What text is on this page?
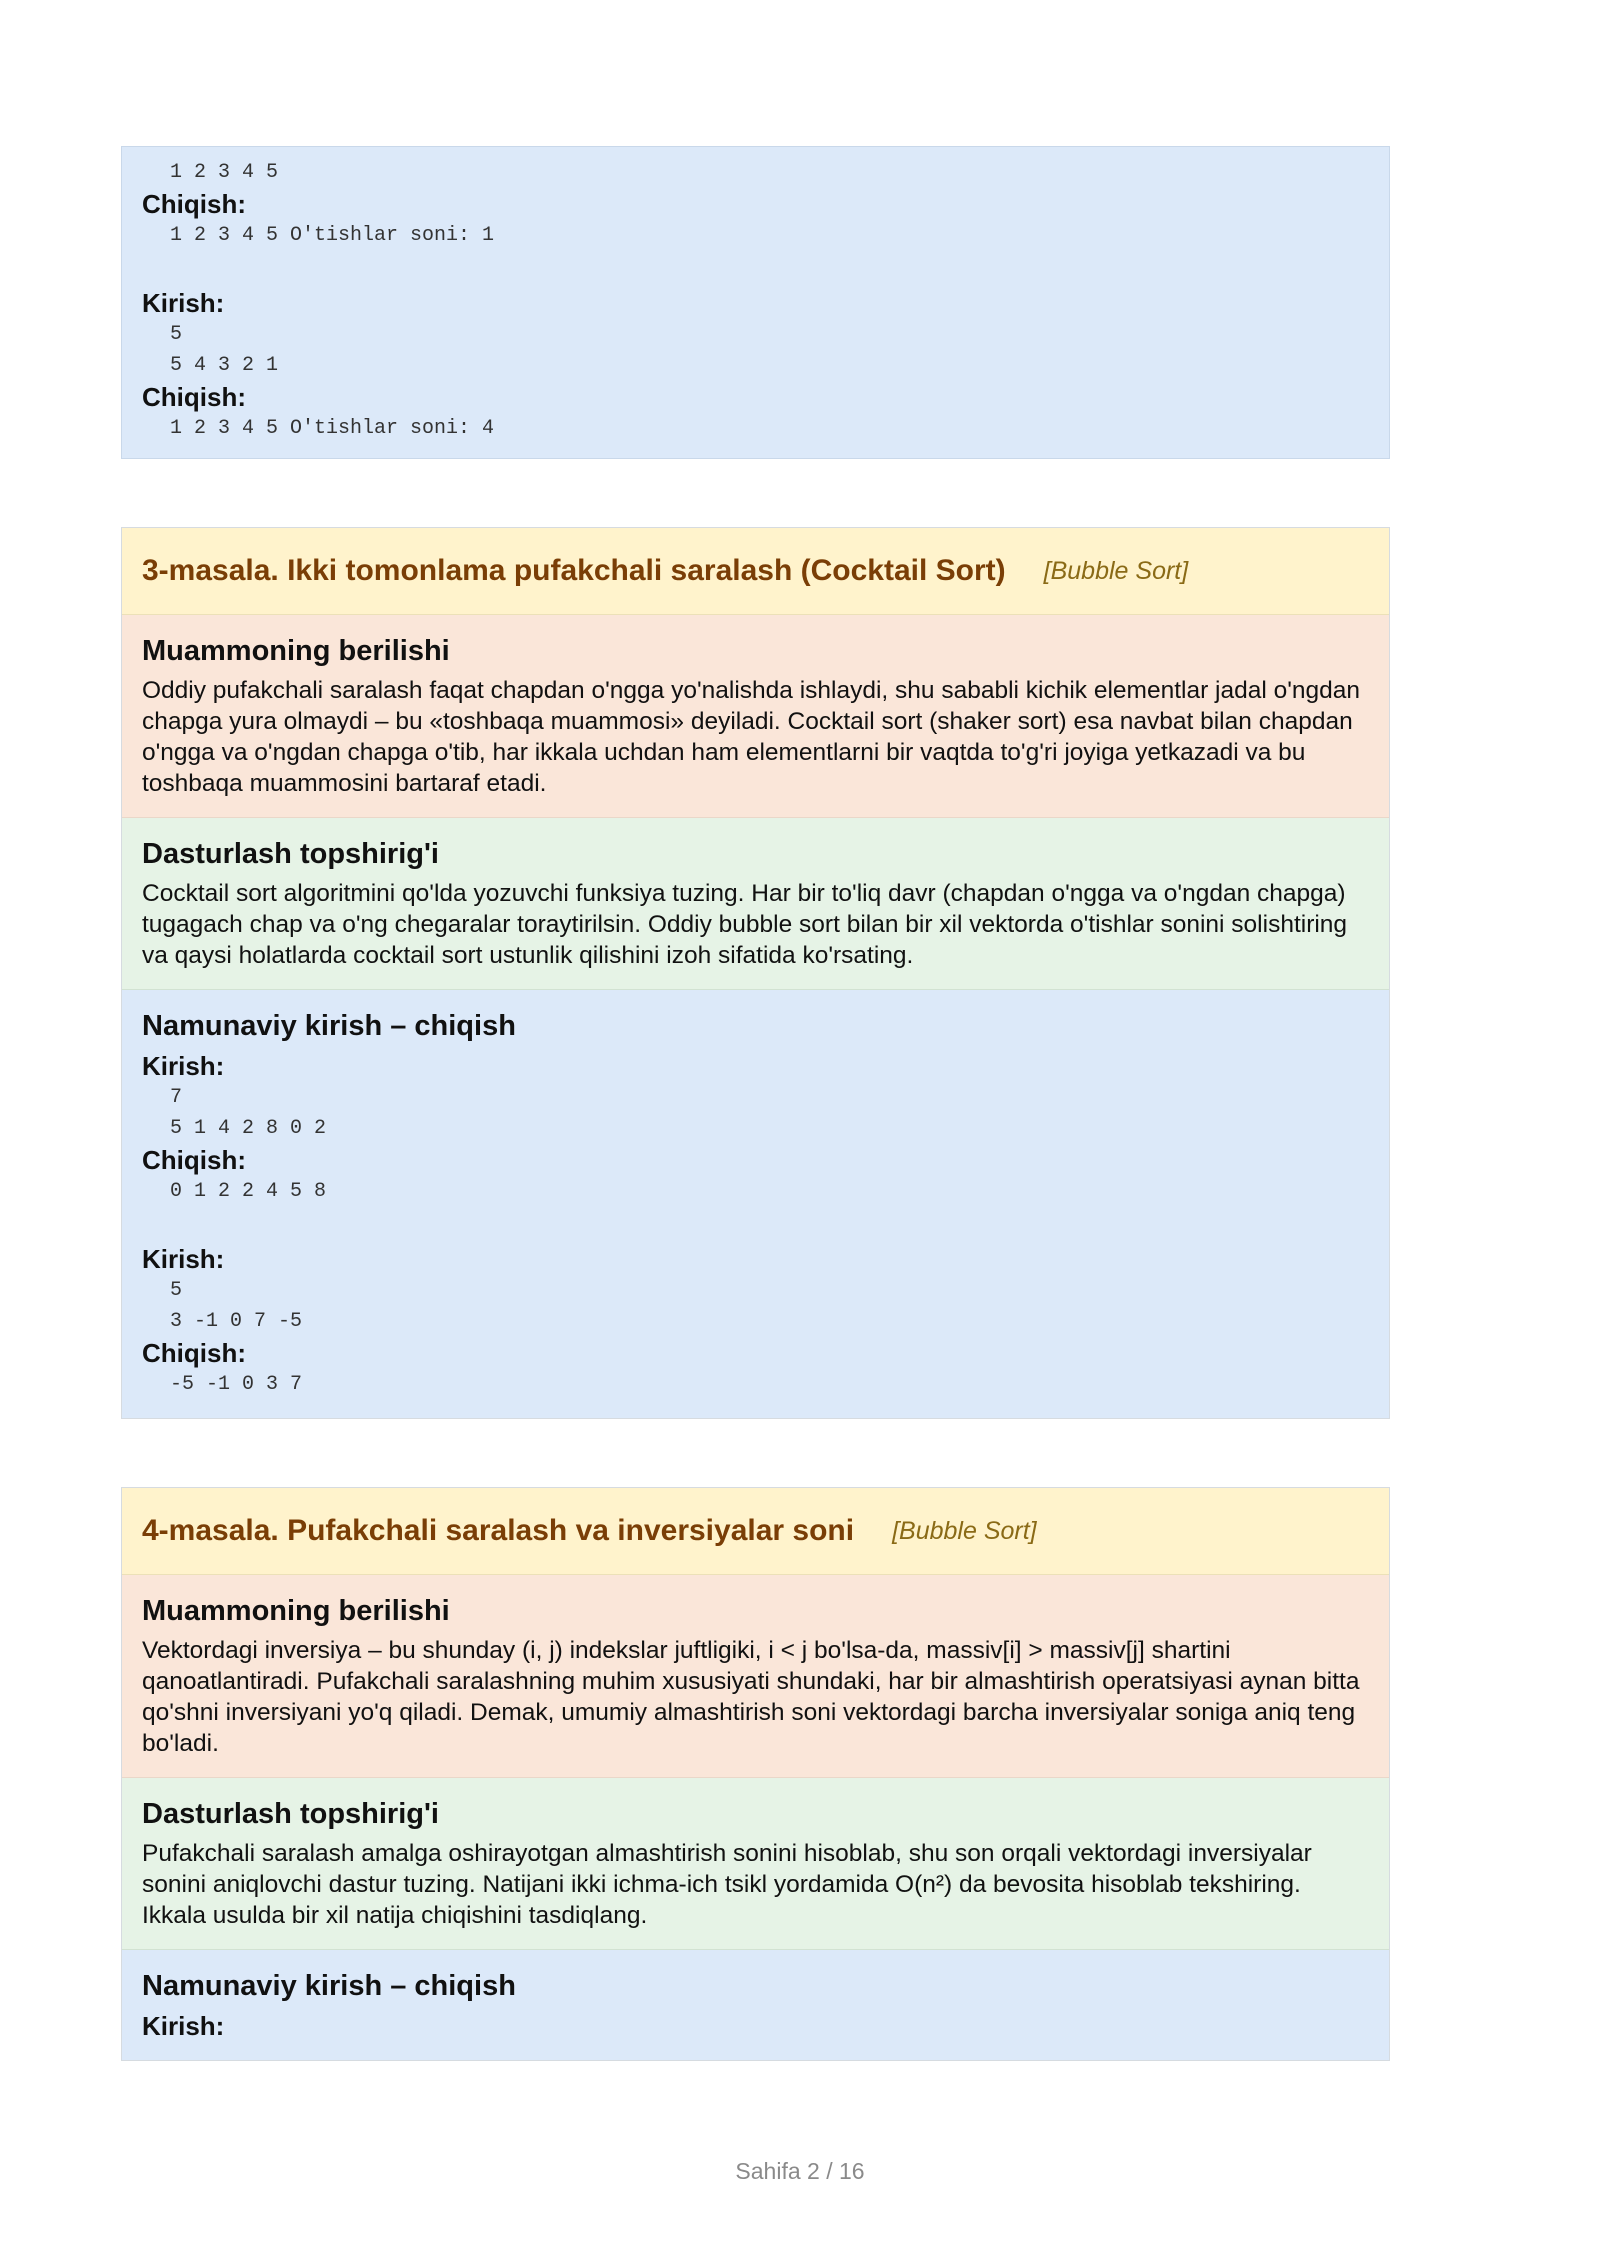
1 2 3 4 5

Chiqish:

1 2 3 4 5 O'tishlar soni: 1

Kirish:

5
5 4 3 2 1

Chiqish:

1 2 3 4 5 O'tishlar soni: 4
3-masala. Ikki tomonlama pufakchali saralash (Cocktail Sort) [Bubble Sort]

Muammoning berilishi

Oddiy pufakchali saralash faqat chapdan o'ngga yo'nalishda ishlaydi, shu sababli kichik elementlar jadal o'ngdan chapga yura olmaydi – bu «toshbaqa muammosi» deyiladi. Cocktail sort (shaker sort) esa navbat bilan chapdan o'ngga va o'ngdan chapga o'tib, har ikkala uchdan ham elementlarni bir vaqtda to'g'ri joyiga yetkazadi va bu toshbaqa muammosini bartaraf etadi.

Dasturlash topshirig'i

Cocktail sort algoritmini qo'lda yozuvchi funksiya tuzing. Har bir to'liq davr (chapdan o'ngga va o'ngdan chapga) tugagach chap va o'ng chegaralar toraytirilsin. Oddiy bubble sort bilan bir xil vektorda o'tishlar sonini solishtiring va qaysi holatlarda cocktail sort ustunlik qilishini izoh sifatida ko'rsating.

Namunaviy kirish – chiqish

Kirish:

7
5 1 4 2 8 0 2

Chiqish:

0 1 2 2 4 5 8

Kirish:

5
3 -1 0 7 -5

Chiqish:

-5 -1 0 3 7
4-masala. Pufakchali saralash va inversiyalar soni [Bubble Sort]

Muammoning berilishi

Vektordagi inversiya – bu shunday (i, j) indekslar juftligiki, i < j bo'lsa-da, massiv[i] > massiv[j] shartini qanoatlantiradi. Pufakchali saralashning muhim xususiyati shundaki, har bir almashtirish operatsiyasi aynan bitta qo'shni inversiyani yo'q qiladi. Demak, umumiy almashtirish soni vektordagi barcha inversiyalar soniga aniq teng bo'ladi.

Dasturlash topshirig'i

Pufakchali saralash amalga oshirayotgan almashtirish sonini hisoblab, shu son orqali vektordagi inversiyalar sonini aniqlovchi dastur tuzing. Natijani ikki ichma-ich tsikl yordamida O(n²) da bevosita hisoblab tekshiring. Ikkala usulda bir xil natija chiqishini tasdiqlang.

Namunaviy kirish – chiqish

Kirish:

Sahifa 2 / 16
